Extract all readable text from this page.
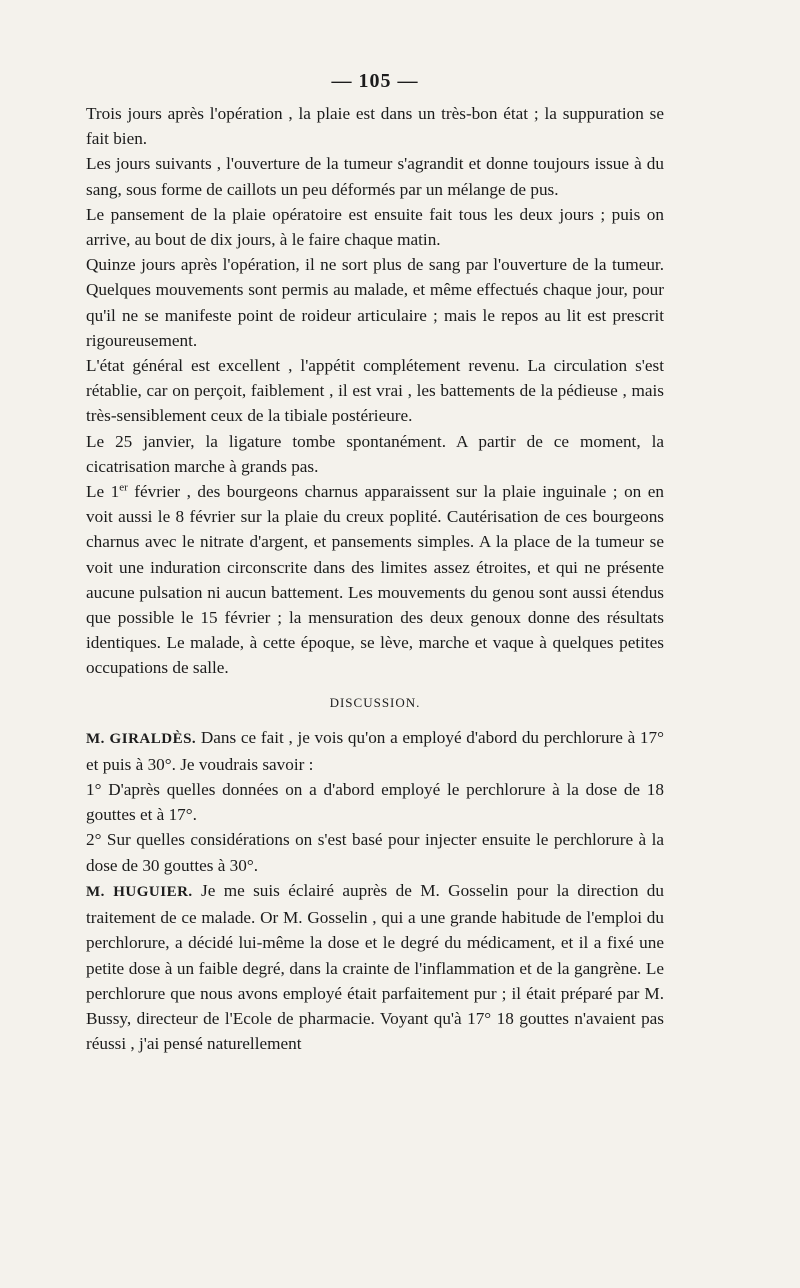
— 105 —

Trois jours après l'opération , la plaie est dans un très-bon état ; la suppuration se fait bien.

Les jours suivants , l'ouverture de la tumeur s'agrandit et donne toujours issue à du sang, sous forme de caillots un peu déformés par un mélange de pus.

Le pansement de la plaie opératoire est ensuite fait tous les deux jours ; puis on arrive, au bout de dix jours, à le faire chaque matin.

Quinze jours après l'opération, il ne sort plus de sang par l'ouverture de la tumeur. Quelques mouvements sont permis au malade, et même effectués chaque jour, pour qu'il ne se manifeste point de roideur articulaire ; mais le repos au lit est prescrit rigoureusement.

L'état général est excellent , l'appétit complétement revenu. La circulation s'est rétablie, car on perçoit, faiblement , il est vrai , les battements de la pédieuse , mais très-sensiblement ceux de la tibiale postérieure.

Le 25 janvier, la ligature tombe spontanément. A partir de ce moment, la cicatrisation marche à grands pas.

Le 1er février , des bourgeons charnus apparaissent sur la plaie inguinale ; on en voit aussi le 8 février sur la plaie du creux poplité. Cautérisation de ces bourgeons charnus avec le nitrate d'argent, et pansements simples. A la place de la tumeur se voit une induration circonscrite dans des limites assez étroites, et qui ne présente aucune pulsation ni aucun battement. Les mouvements du genou sont aussi étendus que possible le 15 février ; la mensuration des deux genoux donne des résultats identiques. Le malade, à cette époque, se lève, marche et vaque à quelques petites occupations de salle.

DISCUSSION.

M. GIRALDÈS. Dans ce fait , je vois qu'on a employé d'abord du perchlorure à 17° et puis à 30°. Je voudrais savoir :

1° D'après quelles données on a d'abord employé le perchlorure à la dose de 18 gouttes et à 17°.

2° Sur quelles considérations on s'est basé pour injecter ensuite le perchlorure à la dose de 30 gouttes à 30°.

M. HUGUIER. Je me suis éclairé auprès de M. Gosselin pour la direction du traitement de ce malade. Or M. Gosselin , qui a une grande habitude de l'emploi du perchlorure, a décidé lui-même la dose et le degré du médicament, et il a fixé une petite dose à un faible degré, dans la crainte de l'inflammation et de la gangrène. Le perchlorure que nous avons employé était parfaitement pur ; il était préparé par M. Bussy, directeur de l'Ecole de pharmacie. Voyant qu'à 17° 18 gouttes n'avaient pas réussi , j'ai pensé naturellement
